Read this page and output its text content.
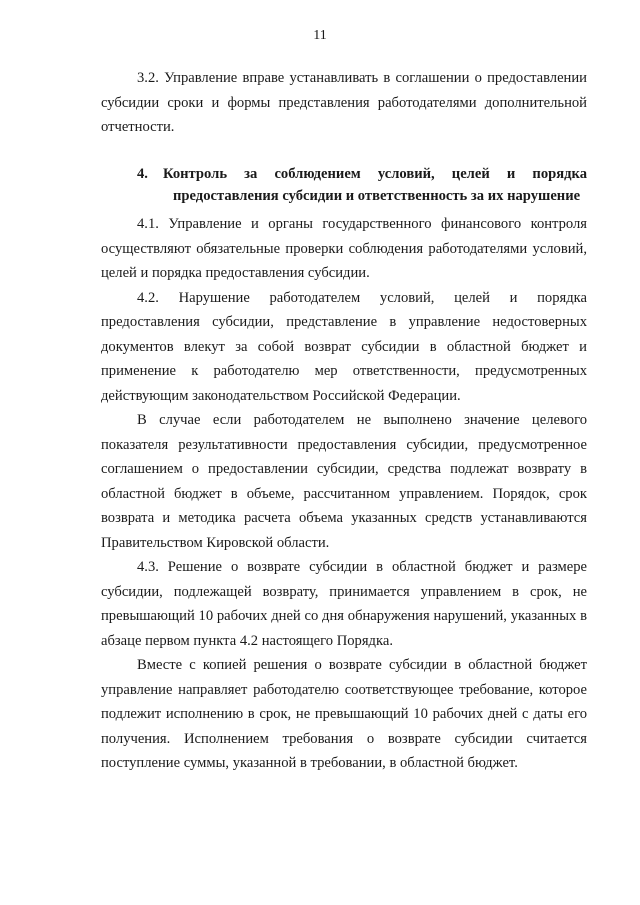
11

3.2. Управление вправе устанавливать в соглашении о предоставлении субсидии сроки и формы представления работодателями дополнительной отчетности.

4. Контроль за соблюдением условий, целей и порядка
предоставления субсидии и ответственность за их нарушение

4.1. Управление и органы государственного финансового контроля осуществляют обязательные проверки соблюдения работодателями условий, целей и порядка предоставления субсидии.

4.2. Нарушение работодателем условий, целей и порядка предоставления субсидии, представление в управление недостоверных документов влекут за собой возврат субсидии в областной бюджет и применение к работодателю мер ответственности, предусмотренных действующим законодательством Российской Федерации.

В случае если работодателем не выполнено значение целевого показателя результативности предоставления субсидии, предусмотренное соглашением о предоставлении субсидии, средства подлежат возврату в областной бюджет в объеме, рассчитанном управлением. Порядок, срок возврата и методика расчета объема указанных средств устанавливаются Правительством Кировской области.

4.3. Решение о возврате субсидии в областной бюджет и размере субсидии, подлежащей возврату, принимается управлением в срок, не превышающий 10 рабочих дней со дня обнаружения нарушений, указанных в абзаце первом пункта 4.2 настоящего Порядка.

Вместе с копией решения о возврате субсидии в областной бюджет управление направляет работодателю соответствующее требование, которое подлежит исполнению в срок, не превышающий 10 рабочих дней с даты его получения. Исполнением требования о возврате субсидии считается поступление суммы, указанной в требовании, в областной бюджет.
